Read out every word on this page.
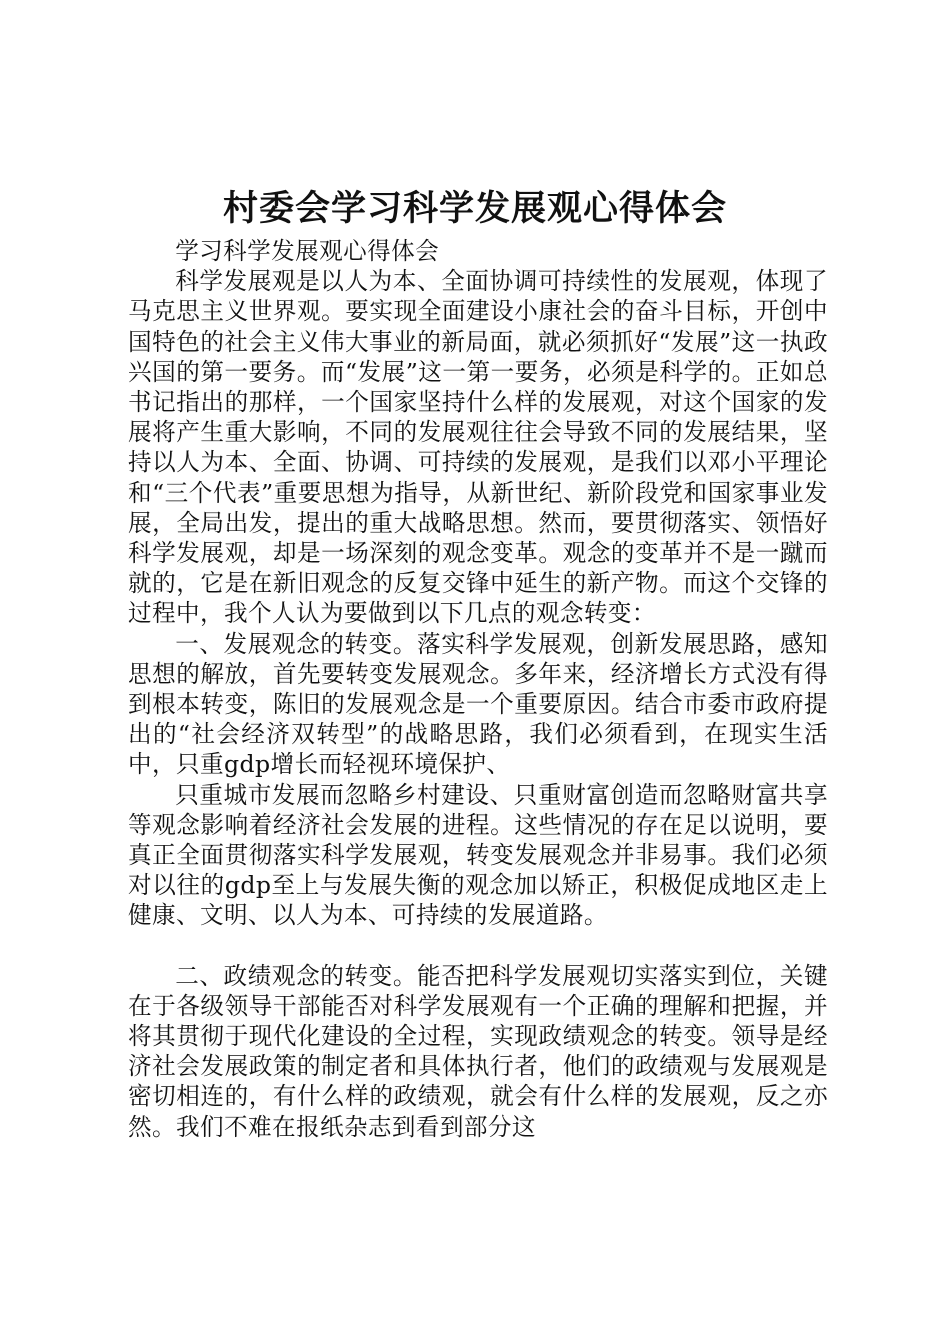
村委会学习科学发展观心得体会

学习科学发展观心得体会

科学发展观是以人为本、全面协调可持续性的发展观，体现了马克思主义世界观。要实现全面建设小康社会的奋斗目标，开创中国特色的社会主义伟大事业的新局面，就必须抓好“发展”这一执政兴国的第一要务。而“发展”这一第一要务，必须是科学的。正如总书记指出的那样，一个国家坚持什么样的发展观，对这个国家的发展将产生重大影响，不同的发展观往往会导致不同的发展结果，坚持以人为本、全面、协调、可持续的发展观，是我们以邓小平理论和“三个代表”重要思想为指导，从新世纪、新阶段党和国家事业发展，全局出发，提出的重大战略思想。然而，要贯彻落实、领悟好科学发展观，却是一场深刻的观念变革。观念的变革并不是一蹴而就的，它是在新旧观念的反复交锋中延生的新产物。而这个交锋的过程中，我个人认为要做到以下几点的观念转变：

一、发展观念的转变。落实科学发展观，创新发展思路，感知思想的解放，首先要转变发展观念。多年来，经济增长方式没有得到根本转变，陈旧的发展观念是一个重要原因。结合市委市政府提出的“社会经济双转型”的战略思路，我们必须看到，在现实生活中，只重gdp增长而轻视环境保护、

只重城市发展而忽略乡村建设、只重财富创造而忽略财富共享等观念影响着经济社会发展的进程。这些情况的存在足以说明，要真正全面贯彻落实科学发展观，转变发展观念并非易事。我们必须对以往的gdp至上与发展失衡的观念加以矫正，积极促成地区走上健康、文明、以人为本、可持续的发展道路。

二、政绩观念的转变。能否把科学发展观切实落实到位，关键在于各级领导干部能否对科学发展观有一个正确的理解和把握，并将其贯彻于现代化建设的全过程，实现政绩观念的转变。领导是经济社会发展政策的制定者和具体执行者，他们的政绩观与发展观是密切相连的，有什么样的政绩观，就会有什么样的发展观，反之亦然。我们不难在报纸杂志到看到部分这
